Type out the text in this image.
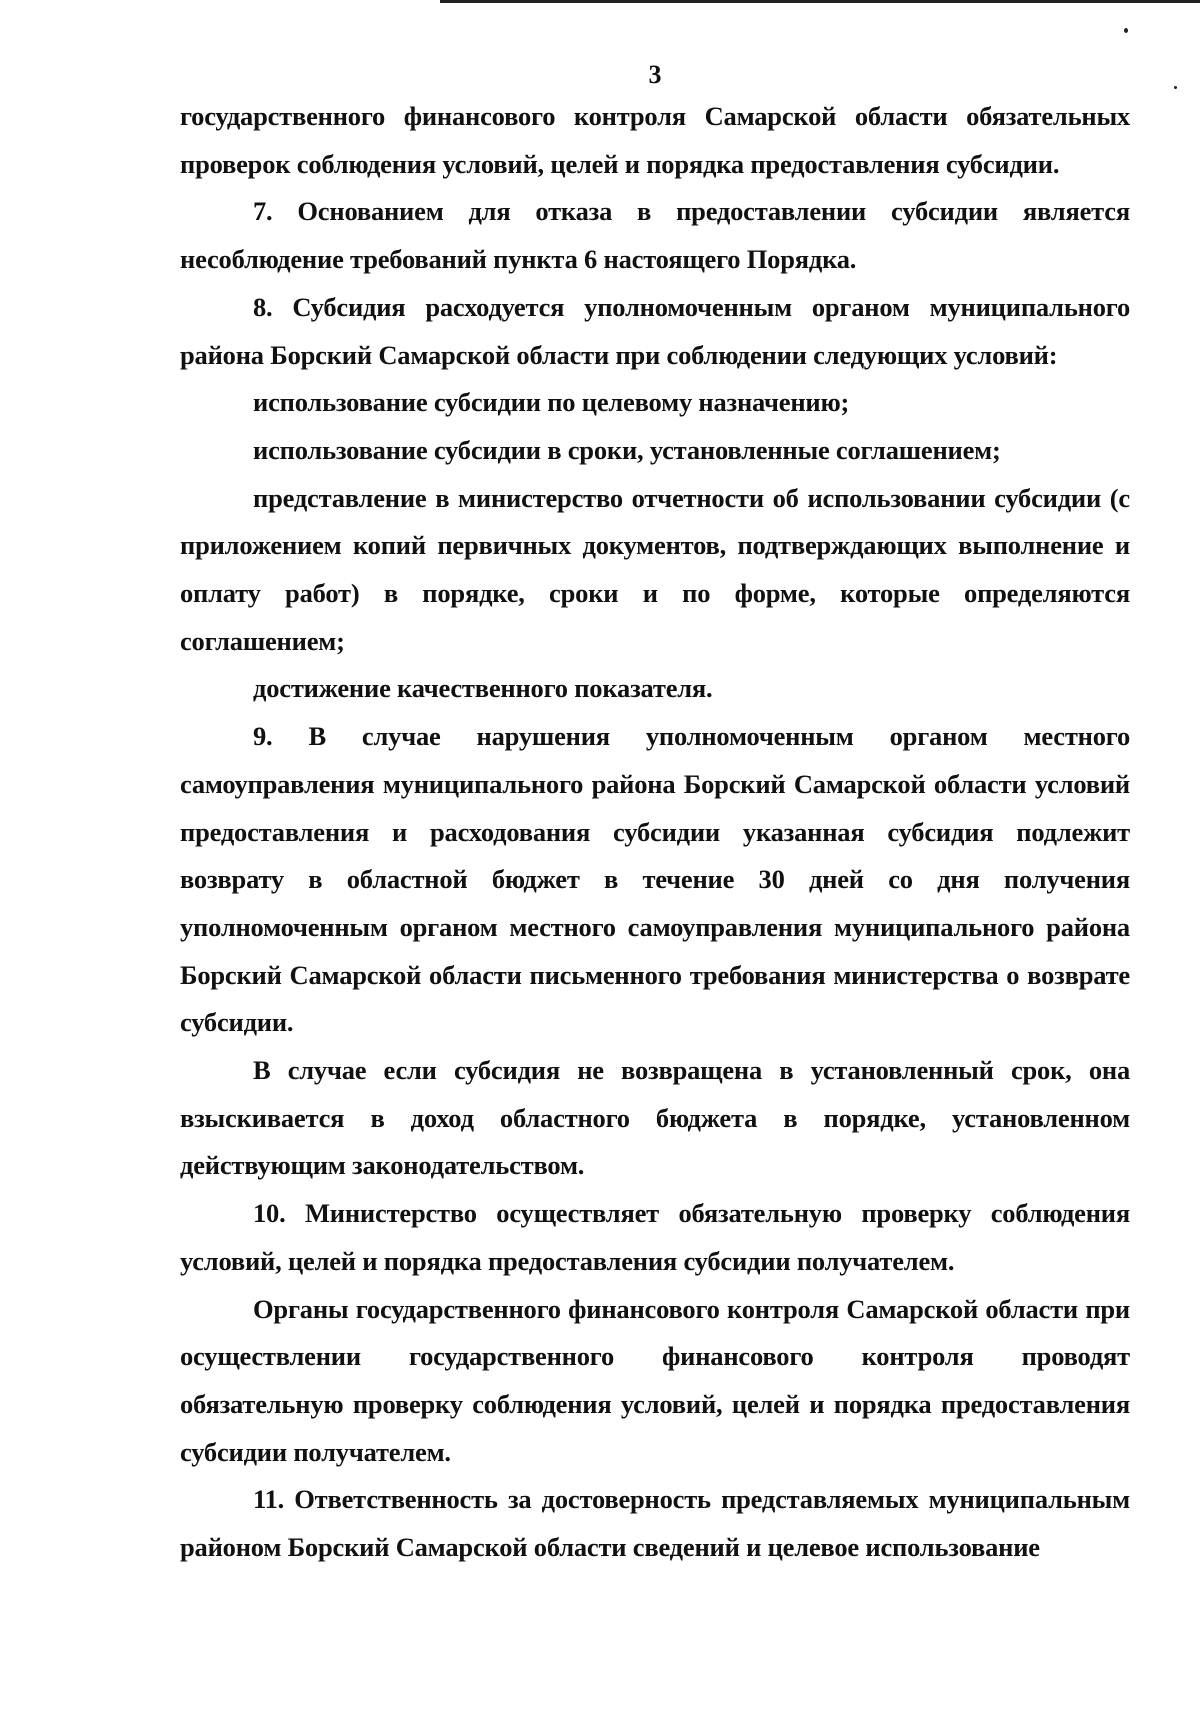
3

государственного финансового контроля Самарской области обязательных проверок соблюдения условий, целей и порядка предоставления субсидии.

7. Основанием для отказа в предоставлении субсидии является несоблюдение требований пункта 6 настоящего Порядка.

8. Субсидия расходуется уполномоченным органом муниципального района Борский Самарской области при соблюдении следующих условий:

использование субсидии по целевому назначению;

использование субсидии в сроки, установленные соглашением;

представление в министерство отчетности об использовании субсидии (с приложением копий первичных документов, подтверждающих выполнение и оплату работ) в порядке, сроки и по форме, которые определяются соглашением;

достижение качественного показателя.

9. В случае нарушения уполномоченным органом местного самоуправления муниципального района Борский Самарской области условий предоставления и расходования субсидии указанная субсидия подлежит возврату в областной бюджет в течение 30 дней со дня получения уполномоченным органом местного самоуправления муниципального района Борский Самарской области письменного требования министерства о возврате субсидии.

В случае если субсидия не возвращена в установленный срок, она взыскивается в доход областного бюджета в порядке, установленном действующим законодательством.

10. Министерство осуществляет обязательную проверку соблюдения условий, целей и порядка предоставления субсидии получателем.

Органы государственного финансового контроля Самарской области при осуществлении государственного финансового контроля проводят обязательную проверку соблюдения условий, целей и порядка предоставления субсидии получателем.

11. Ответственность за достоверность представляемых муниципальным районом Борский Самарской области сведений и целевое использование
